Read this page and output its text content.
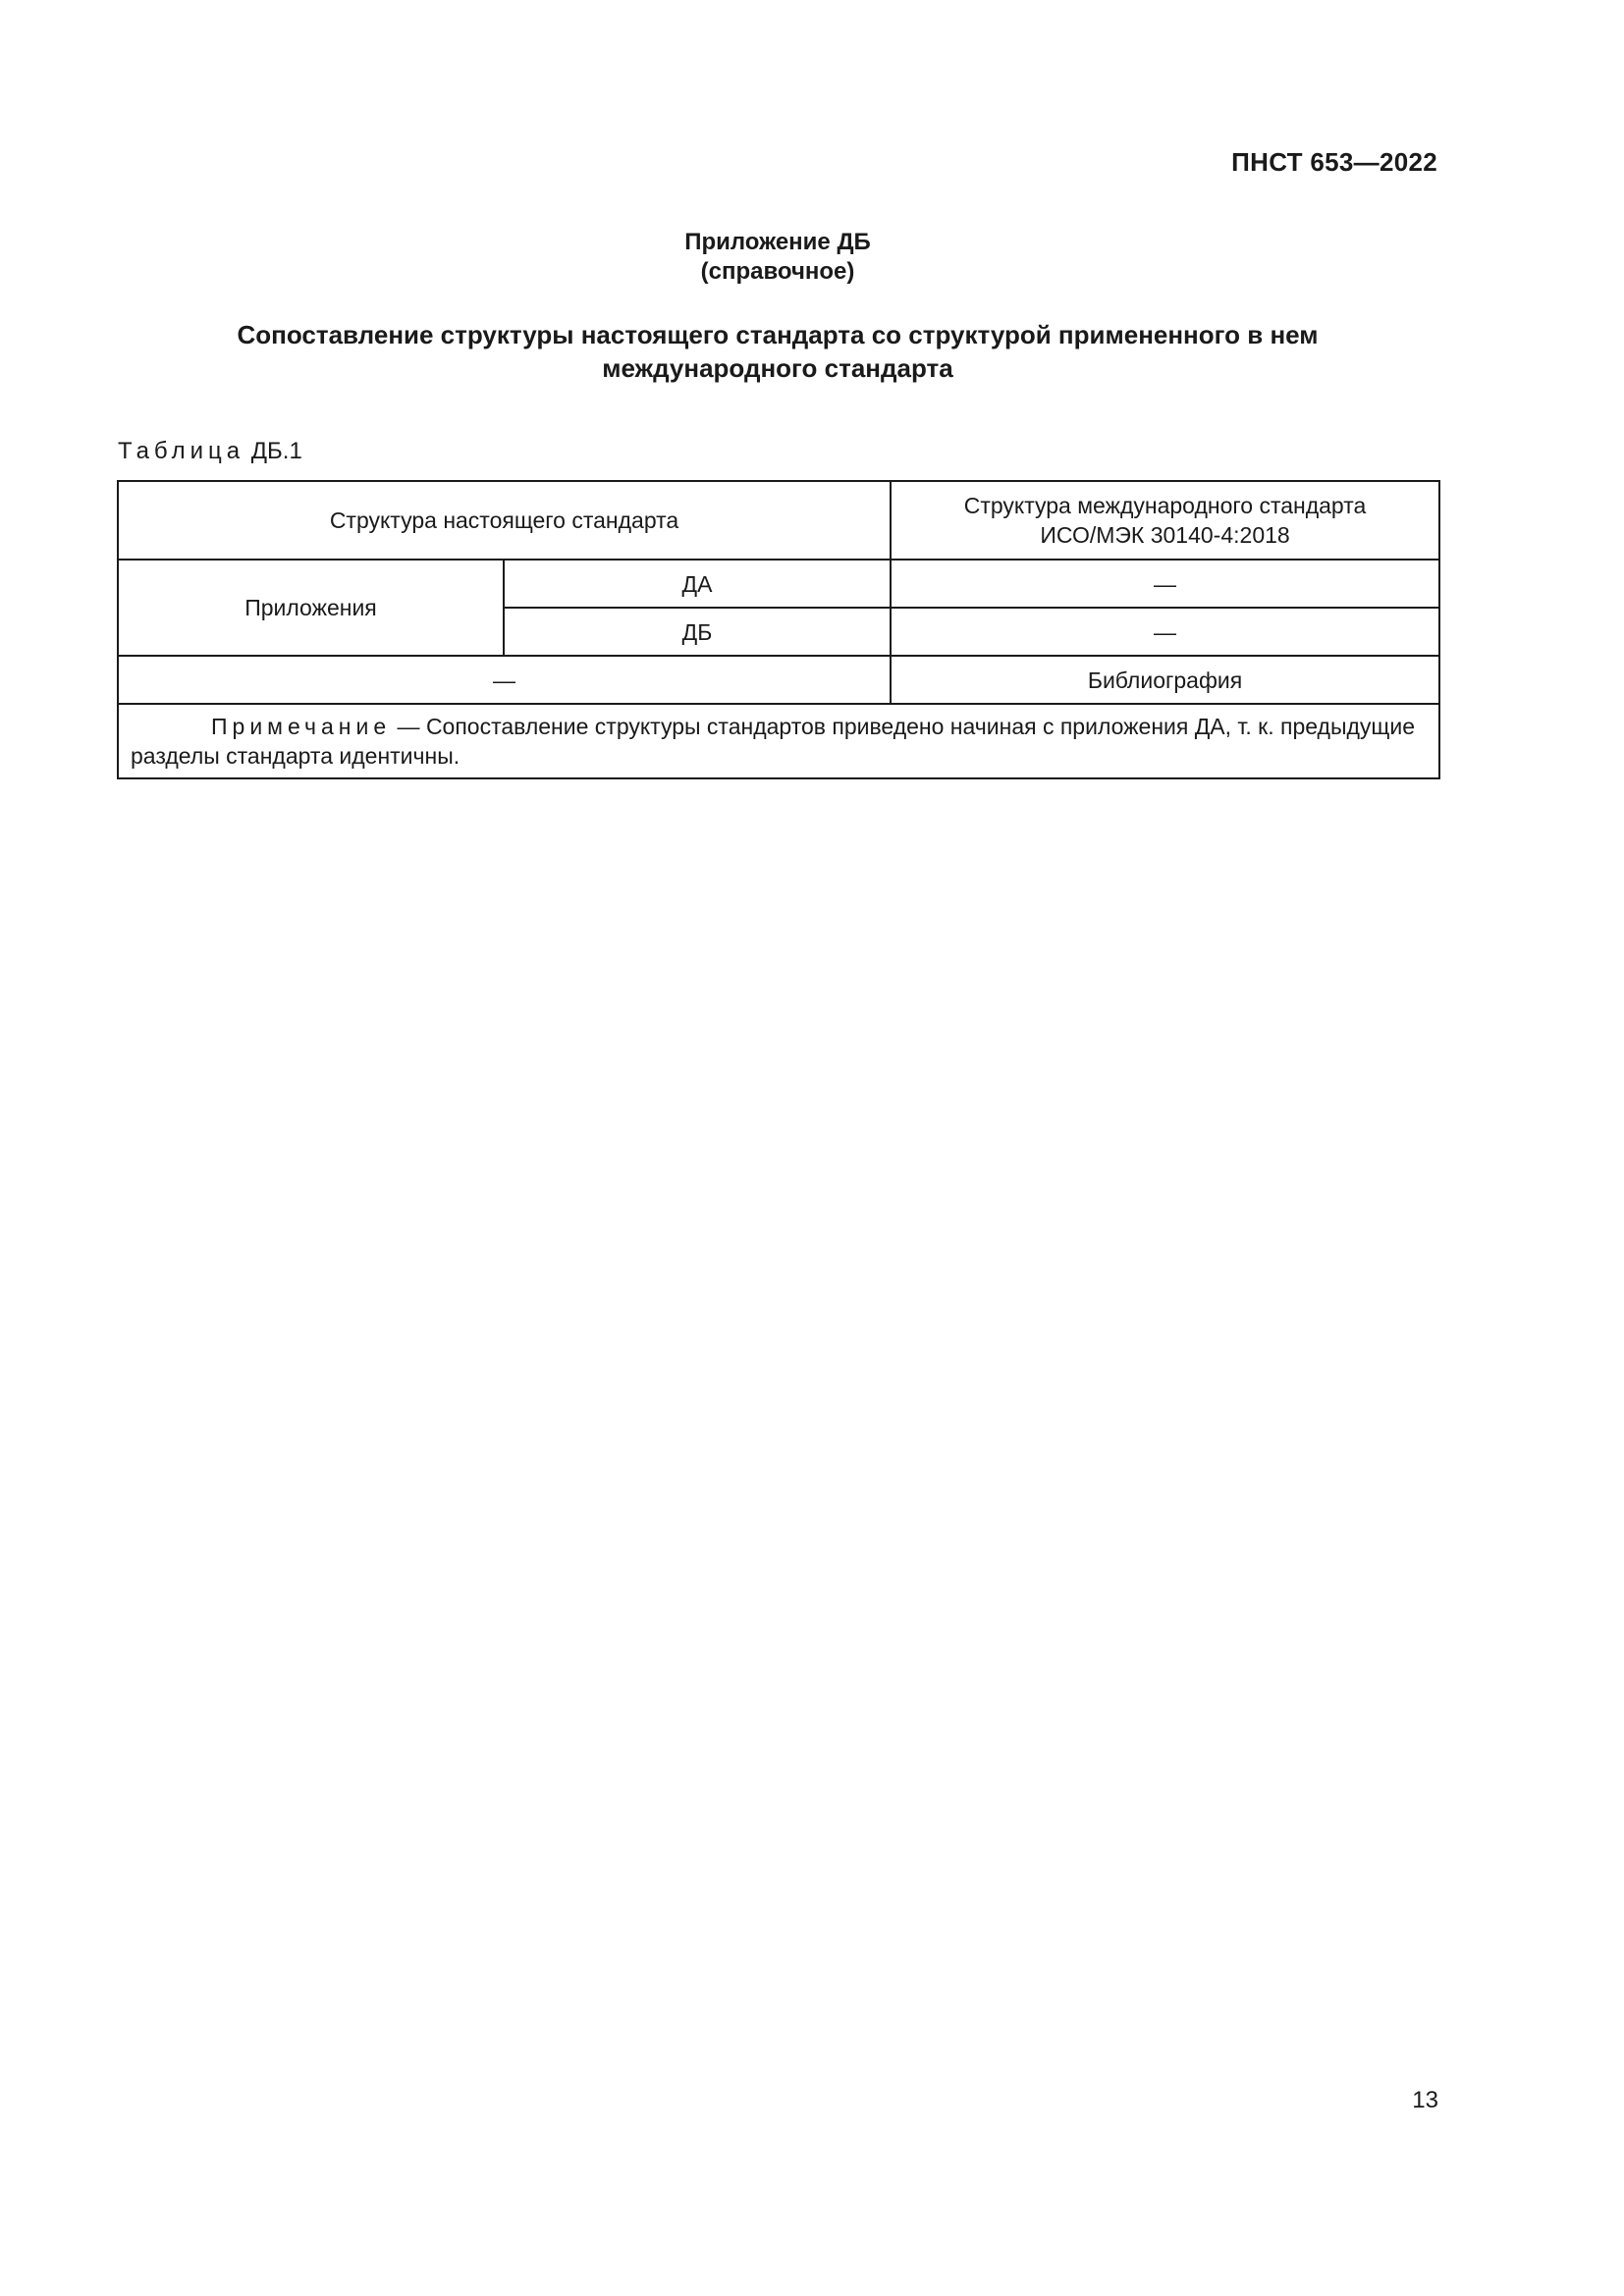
ПНСТ 653—2022
Приложение ДБ
(справочное)
Сопоставление структуры настоящего стандарта со структурой примененного в нем
международного стандарта
Таблица ДБ.1
Структура настоящего стандарта		Структура международного стандарта
ИСО/МЭК 30140-4:2018

Приложения	ДА	—
	ДБ	—
—		Библиография
Примечание — Сопоставление структуры стандартов приведено начиная с приложения ДА, т. к. предыдущие разделы стандарта идентичны.		
13
